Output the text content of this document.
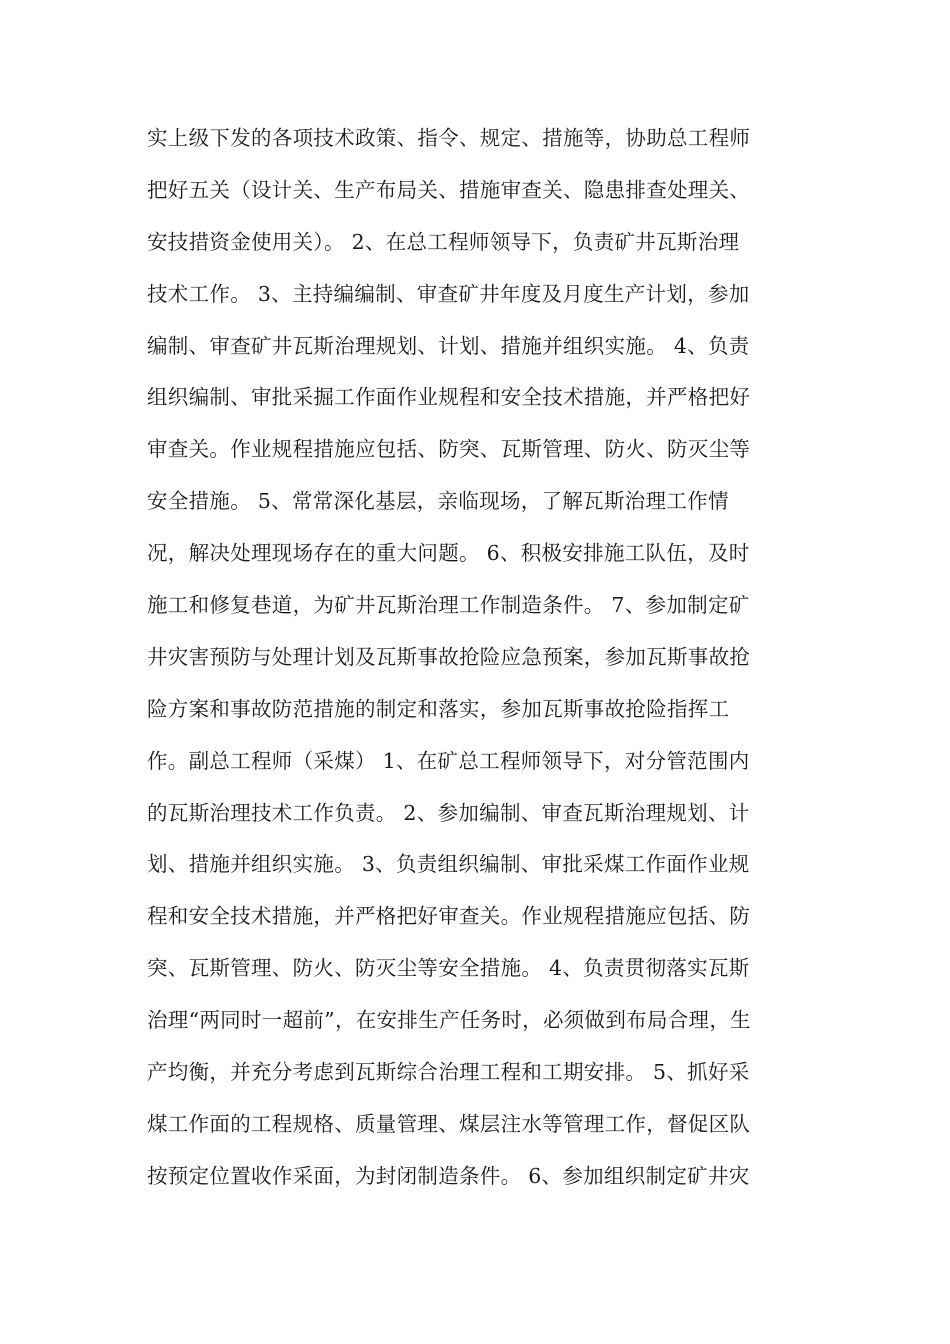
实上级下发的各项技术政策、指令、规定、措施等，协助总工程师
把好五关（设计关、生产布局关、措施审查关、隐患排查处理关、
安技措资金使用关）。 2、在总工程师领导下，负责矿井瓦斯治理
技术工作。 3、主持编编制、审查矿井年度及月度生产计划，参加
编制、审查矿井瓦斯治理规划、计划、措施并组织实施。 4、负责
组织编制、审批采掘工作面作业规程和安全技术措施，并严格把好
审查关。作业规程措施应包括、防突、瓦斯管理、防火、防灭尘等
安全措施。 5、常常深化基层，亲临现场，了解瓦斯治理工作情
况，解决处理现场存在的重大问题。 6、积极安排施工队伍，及时
施工和修复巷道，为矿井瓦斯治理工作制造条件。 7、参加制定矿
井灾害预防与处理计划及瓦斯事故抢险应急预案，参加瓦斯事故抢
险方案和事故防范措施的制定和落实，参加瓦斯事故抢险指挥工
作。副总工程师（采煤） 1、在矿总工程师领导下，对分管范围内
的瓦斯治理技术工作负责。 2、参加编制、审查瓦斯治理规划、计
划、措施并组织实施。 3、负责组织编制、审批采煤工作面作业规
程和安全技术措施，并严格把好审查关。作业规程措施应包括、防
突、瓦斯管理、防火、防灭尘等安全措施。 4、负责贯彻落实瓦斯
治理“两同时一超前”，在安排生产任务时，必须做到布局合理，生
产均衡，并充分考虑到瓦斯综合治理工程和工期安排。 5、抓好采
煤工作面的工程规格、质量管理、煤层注水等管理工作，督促区队
按预定位置收作采面，为封闭制造条件。 6、参加组织制定矿井灾
